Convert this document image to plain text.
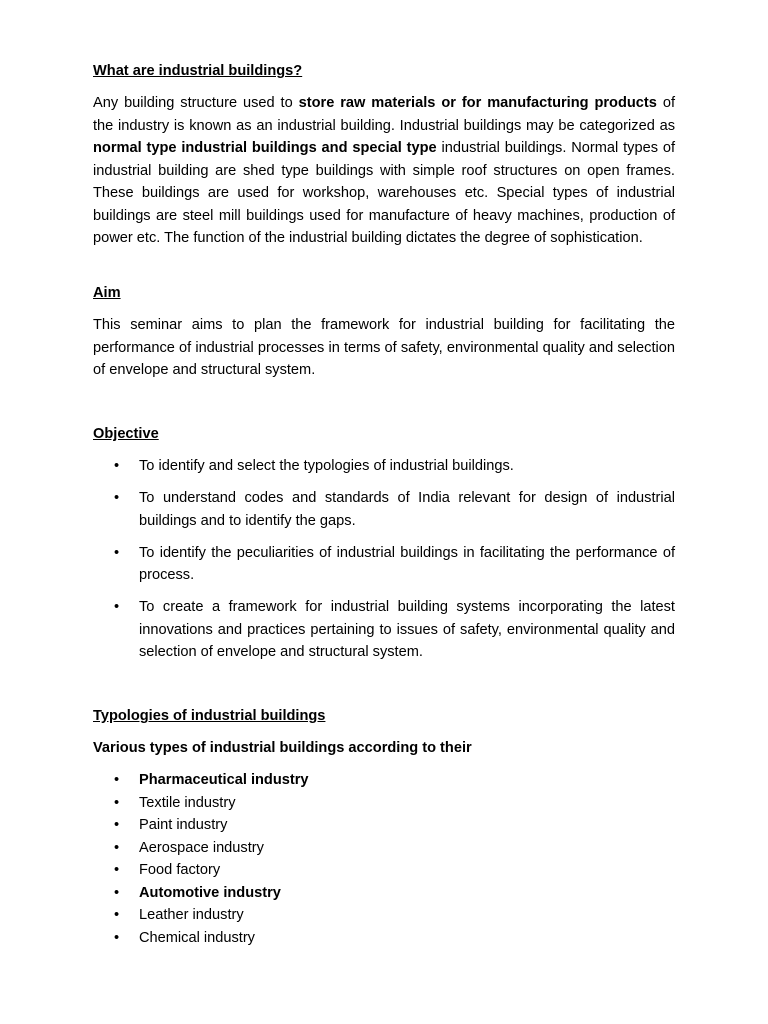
What are industrial buildings?

Any building structure used to store raw materials or for manufacturing products of the industry is known as an industrial building. Industrial buildings may be categorized as normal type industrial buildings and special type industrial buildings. Normal types of industrial building are shed type buildings with simple roof structures on open frames. These buildings are used for workshop, warehouses etc. Special types of industrial buildings are steel mill buildings used for manufacture of heavy machines, production of power etc. The function of the industrial building dictates the degree of sophistication.

Aim

This seminar aims to plan the framework for industrial building for facilitating the performance of industrial processes in terms of safety, environmental quality and selection of envelope and structural system.

Objective
• To identify and select the typologies of industrial buildings.
• To understand codes and standards of India relevant for design of industrial buildings and to identify the gaps.
• To identify the peculiarities of industrial buildings in facilitating the performance of process.
• To create a framework for industrial building systems incorporating the latest innovations and practices pertaining to issues of safety, environmental quality and selection of envelope and structural system.
Typologies of industrial buildings
Various types of industrial buildings according to their
• Pharmaceutical industry
• Textile industry
• Paint industry
• Aerospace industry
• Food factory
• Automotive industry
• Leather industry
• Chemical industry
